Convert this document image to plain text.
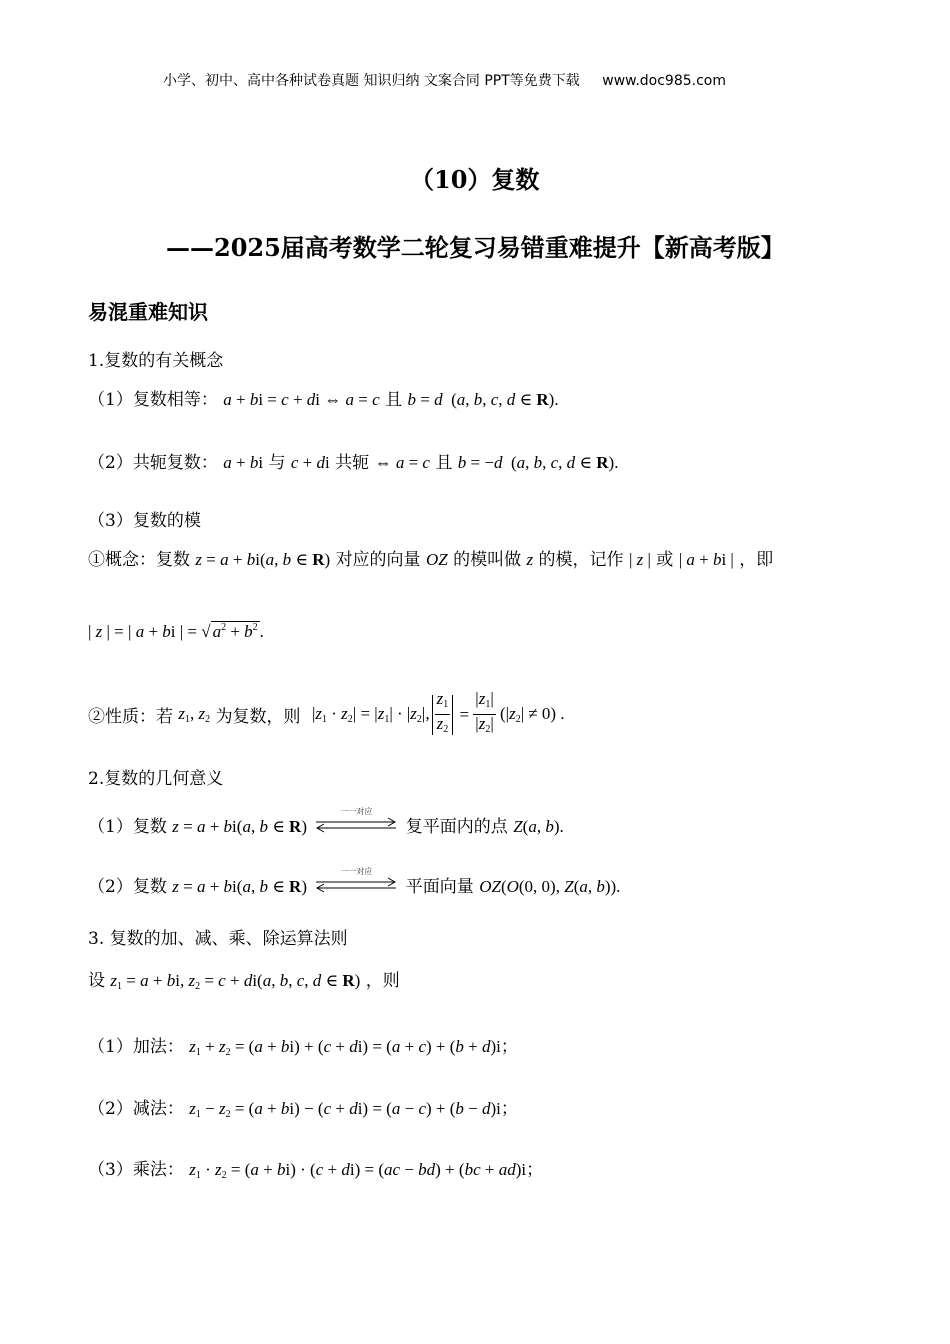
小学、初中、高中各种试卷真题 知识归纳 文案合同 PPT等免费下载 www.doc985.com
（10）复数
——2025届高考数学二轮复习易错重难提升【新高考版】
易混重难知识
1.复数的有关概念
（1）复数相等： a + bi = c + di ⇔ a = c 且 b = d  (a, b, c, d ∈ R).
（2）共轭复数： a + bi 与 c + di 共轭 ⇔ a = c 且 b = −d  (a, b, c, d ∈ R).
（3）复数的模
①概念：复数 z = a + bi(a, b ∈ R) 对应的向量 OZ 的模叫做 z 的模，记作 | z | 或 | a + bi | ，即
| z | = | a + bi | = √ $a^2 + b^2$ .
②性质：若 $z_1$, $z_2$ 为复数，则 $|z_1 \cdot z_2| = |z_1| \cdot |z_2|$, $\frac{z_1}{z_2} = \frac{|z_1|}{|z_2|} (|z_2| \ne 0)$ .
2.复数的几何意义
（1）复数 z = a + bi(a, b ∈ R)
一一对应
复平面内的点 Z(a, b).
（2）复数 z = a + bi(a, b ∈ R)
一一对应
平面向量 OZ(O(0, 0), Z(a, b)).
3. 复数的加、减、乘、除运算法则
设 $z_1 = a$ + bi, $z_2 = c + di(a$, b, c, d ∈ R) ，则
（1）加法： $z_1 + z_2 = (a + bi) + (c + di) = (a + c) + (b + d)i$；
（2）减法： $z_1 - z_2 = (a + bi) - (c + di) = (a - c) + (b - d)i$；
（3）乘法： $z_1 \cdot z_2 = (a + bi) \cdot (c + di) = (ac - bd) + (bc + ad)i$；
